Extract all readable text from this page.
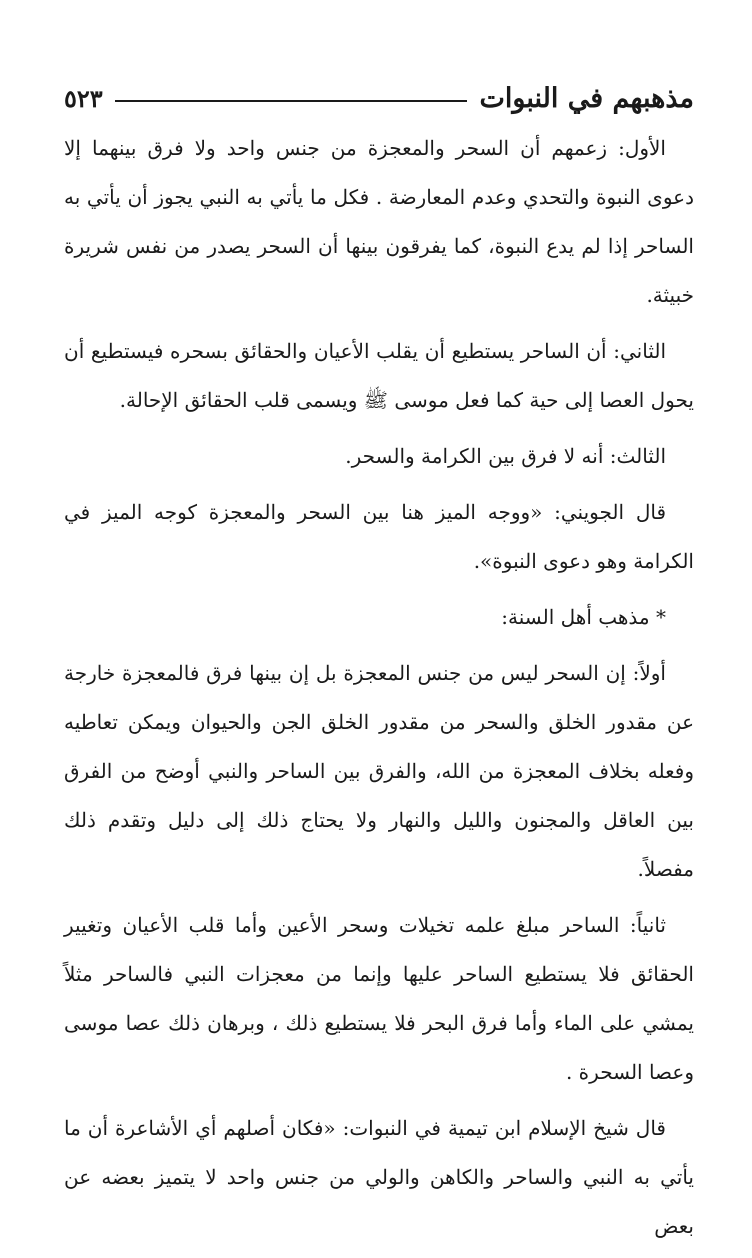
مذهبهم في النبوات
٥٢٣

الأول: زعمهم أن السحر والمعجزة من جنس واحد ولا فرق بينهما إلا دعوى النبوة والتحدي وعدم المعارضة . فكل ما يأتي به النبي يجوز أن يأتي به الساحر إذا لم يدع النبوة، كما يفرقون بينها أن السحر يصدر من نفس شريرة خبيثة.

الثاني: أن الساحر يستطيع أن يقلب الأعيان والحقائق بسحره فيستطيع أن يحول العصا إلى حية كما فعل موسى ﷺ ويسمى قلب الحقائق الإحالة.

الثالث: أنه لا فرق بين الكرامة والسحر.

قال الجويني: «ووجه الميز هنا بين السحر والمعجزة كوجه الميز في الكرامة وهو دعوى النبوة».

* مذهب أهل السنة:

أولاً: إن السحر ليس من جنس المعجزة بل إن بينها فرق فالمعجزة خارجة عن مقدور الخلق والسحر من مقدور الخلق الجن والحيوان ويمكن تعاطيه وفعله بخلاف المعجزة من الله، والفرق بين الساحر والنبي أوضح من الفرق بين العاقل والمجنون والليل والنهار ولا يحتاج ذلك إلى دليل وتقدم ذلك مفصلاً.

ثانياً: الساحر مبلغ علمه تخيلات وسحر الأعين وأما قلب الأعيان وتغيير الحقائق فلا يستطيع الساحر عليها وإنما من معجزات النبي فالساحر مثلاً يمشي على الماء وأما فرق البحر فلا يستطيع ذلك ، وبرهان ذلك عصا موسى وعصا السحرة .

قال شيخ الإسلام ابن تيمية في النبوات: «فكان أصلهم أي الأشاعرة أن ما يأتي به النبي والساحر والكاهن والولي من جنس واحد لا يتميز بعضه عن بعض
